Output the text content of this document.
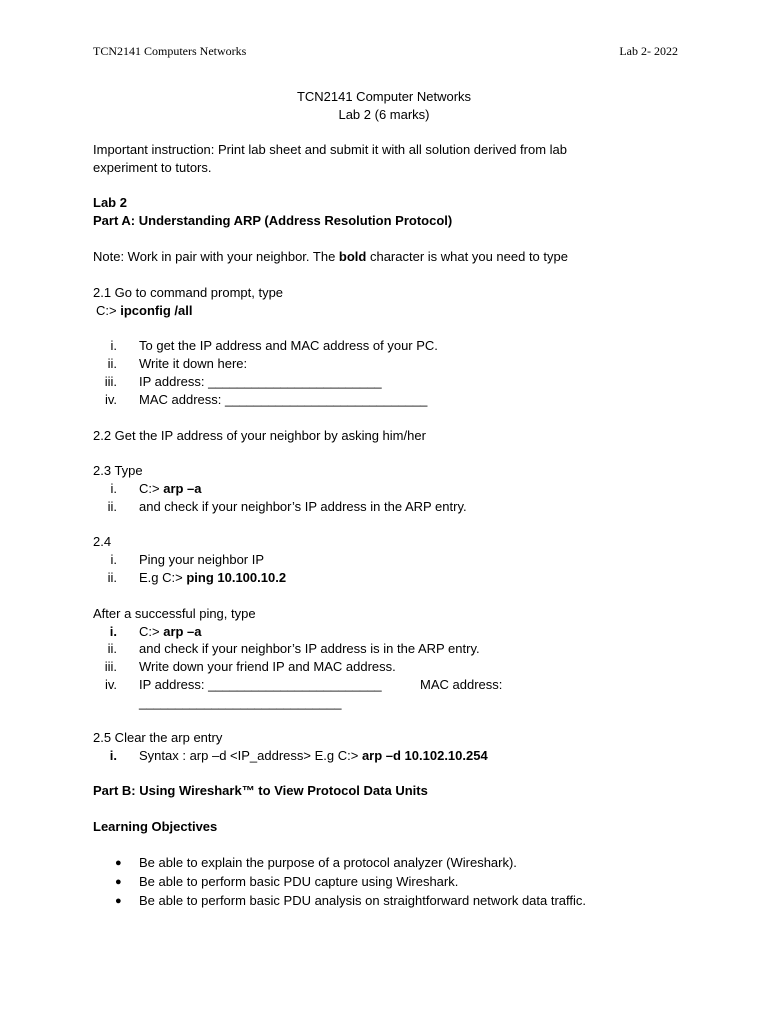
TCN2141 Computers Networks	Lab 2- 2022
TCN2141 Computer Networks
Lab 2 (6 marks)
Important instruction: Print lab sheet and submit it with all solution derived from lab
experiment to tutors.
Lab 2
Part A: Understanding ARP (Address Resolution Protocol)
Note: Work in pair with your neighbor. The bold character is what you need to type
2.1 Go to command prompt, type
C:> ipconfig /all
i. To get the IP address and MAC address of your PC.
ii. Write it down here:
iii. IP address: ________________________
iv. MAC address: ____________________________
2.2 Get the IP address of your neighbor by asking him/her
2.3 Type
i. C:> arp –a
ii. and check if your neighbor’s IP address in the ARP entry.
2.4
i. Ping your neighbor IP
ii. E.g C:> ping 10.100.10.2
After a successful ping, type
i. C:> arp –a
ii. and check if your neighbor’s IP address is in the ARP entry.
iii. Write down your friend IP and MAC address.
iv. IP address: ________________________	MAC address:
____________________________
2.5 Clear the arp entry
i. Syntax : arp –d <IP_address> E.g C:> arp –d 10.102.10.254
Part B: Using Wireshark™ to View Protocol Data Units
Learning Objectives
● Be able to explain the purpose of a protocol analyzer (Wireshark).
● Be able to perform basic PDU capture using Wireshark.
● Be able to perform basic PDU analysis on straightforward network data traffic.
